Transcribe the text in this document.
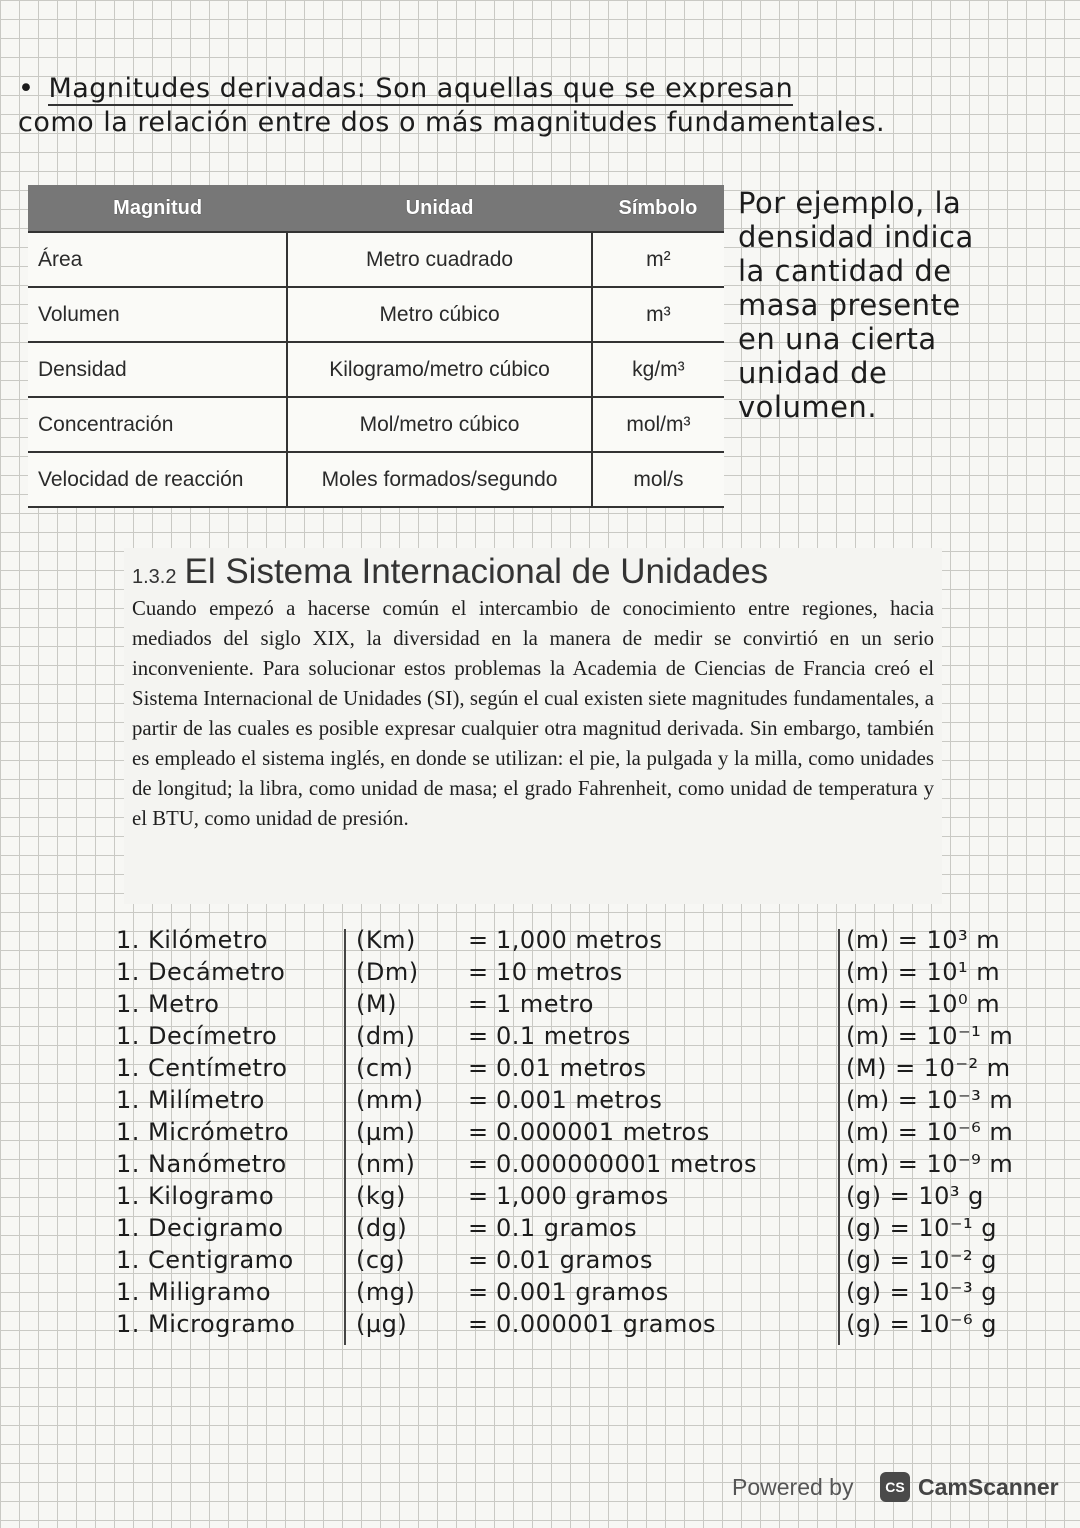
• Magnitudes derivadas: Son aquellas que se expresan
como la relación entre dos o más magnitudes fundamentales.
Magnitud	Unidad	Símbolo
Área	Metro cuadrado	m²
Volumen	Metro cúbico	m³
Densidad	Kilogramo/metro cúbico	kg/m³
Concentración	Mol/metro cúbico	mol/m³
Velocidad de reacción	Moles formados/segundo	mol/s
Por ejemplo, la
densidad indica
la cantidad de
masa presente
en una cierta
unidad de
volumen.
1.3.2 El Sistema Internacional de Unidades
Cuando empezó a hacerse común el intercambio de conocimiento entre regiones, hacia mediados del siglo XIX, la diversidad en la manera de medir se convirtió en un serio inconveniente. Para solucionar estos problemas la Academia de Ciencias de Francia creó el Sistema Internacional de Unidades (SI), según el cual existen siete magnitudes fundamentales, a partir de las cuales es posible expresar cualquier otra magnitud derivada. Sin embargo, también es empleado el sistema inglés, en donde se utilizan: el pie, la pulgada y la milla, como unidades de longitud; la libra, como unidad de masa; el grado Fahrenheit, como unidad de temperatura y el BTU, como unidad de presión.
1. Kilómetro	(Km) = 1,000 metros	(m) = 10³ m
1. Decámetro	(Dm) = 10 metros	(m) = 10¹ m
1. Metro	(M)	= 1 metro	(m) = 10⁰ m
1. Decímetro	(dm) = 0.1 metros	(m) = 10⁻¹ m
1. Centímetro	(cm) = 0.01 metros	(M) = 10⁻² m
1. Milímetro	(mm) = 0.001 metros	(m) = 10⁻³ m
1. Micrómetro	(µm) = 0.000001 metros	(m) = 10⁻⁶ m
1. Nanómetro	(nm) = 0.000000001 metros	(m) = 10⁻⁹ m
1. Kilogramo	(kg)	= 1,000 gramos	(g) = 10³ g
1. Decigramo	(dg)	= 0.1 gramos	(g) = 10⁻¹ g
1. Centigramo	(cg)	= 0.01 gramos	(g) = 10⁻² g
1. Miligramo	(mg) = 0.001 gramos	(g) = 10⁻³ g
1. Microgramo	(µg)	= 0.000001 gramos	(g) = 10⁻⁶ g
Powered by	CS CamScanner
